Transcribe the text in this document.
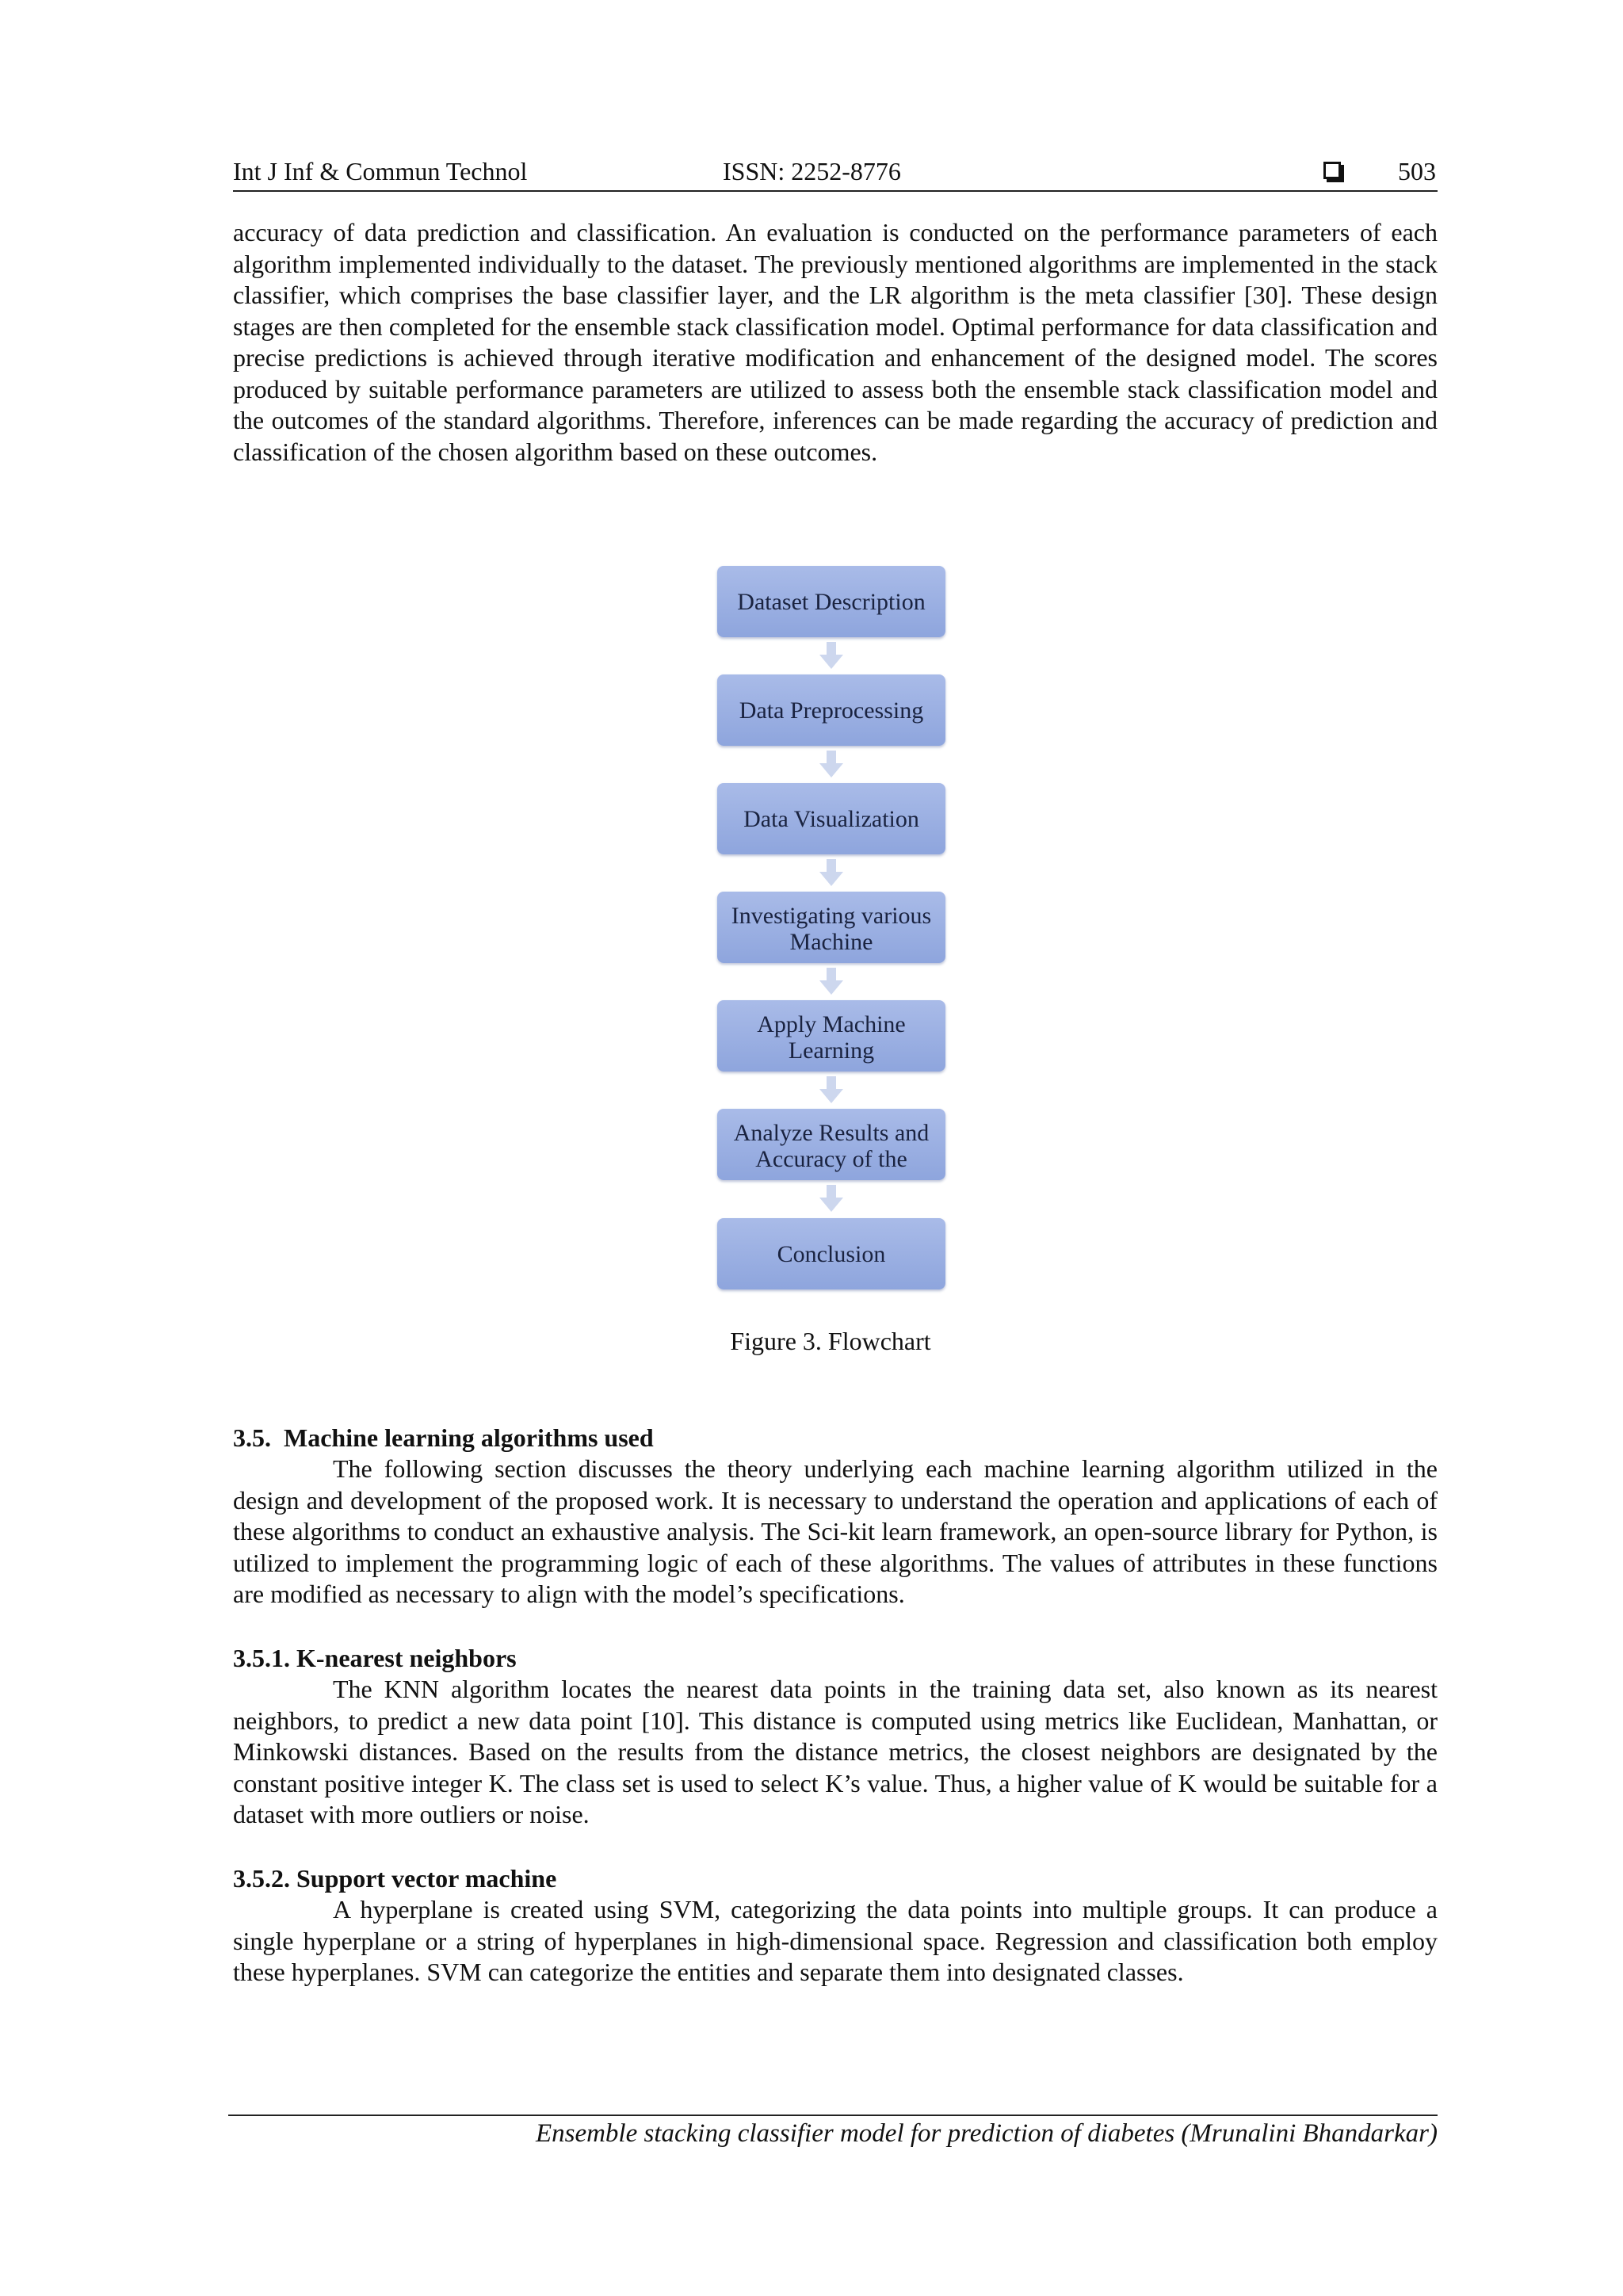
Int J Inf & Commun Technol	ISSN: 2252-8776	503
accuracy of data prediction and classification. An evaluation is conducted on the performance parameters of each algorithm implemented individually to the dataset. The previously mentioned algorithms are implemented in the stack classifier, which comprises the base classifier layer, and the LR algorithm is the meta classifier [30]. These design stages are then completed for the ensemble stack classification model. Optimal performance for data classification and precise predictions is achieved through iterative modification and enhancement of the designed model. The scores produced by suitable performance parameters are utilized to assess both the ensemble stack classification model and the outcomes of the standard algorithms. Therefore, inferences can be made regarding the accuracy of prediction and classification of the chosen algorithm based on these outcomes.
Dataset Description
Data Preprocessing
Data Visualization
Investigating various Machine
Apply Machine Learning
Analyze Results and Accuracy of the
Conclusion
Figure 3. Flowchart
3.5.  Machine learning algorithms used
The following section discusses the theory underlying each machine learning algorithm utilized in the design and development of the proposed work. It is necessary to understand the operation and applications of each of these algorithms to conduct an exhaustive analysis. The Sci-kit learn framework, an open-source library for Python, is utilized to implement the programming logic of each of these algorithms. The values of attributes in these functions are modified as necessary to align with the model’s specifications.
3.5.1. K-nearest neighbors
The KNN algorithm locates the nearest data points in the training data set, also known as its nearest neighbors, to predict a new data point [10]. This distance is computed using metrics like Euclidean, Manhattan, or Minkowski distances. Based on the results from the distance metrics, the closest neighbors are designated by the constant positive integer K. The class set is used to select K’s value. Thus, a higher value of K would be suitable for a dataset with more outliers or noise.
3.5.2. Support vector machine
A hyperplane is created using SVM, categorizing the data points into multiple groups. It can produce a single hyperplane or a string of hyperplanes in high-dimensional space. Regression and classification both employ these hyperplanes. SVM can categorize the entities and separate them into designated classes.
Ensemble stacking classifier model for prediction of diabetes (Mrunalini Bhandarkar)
